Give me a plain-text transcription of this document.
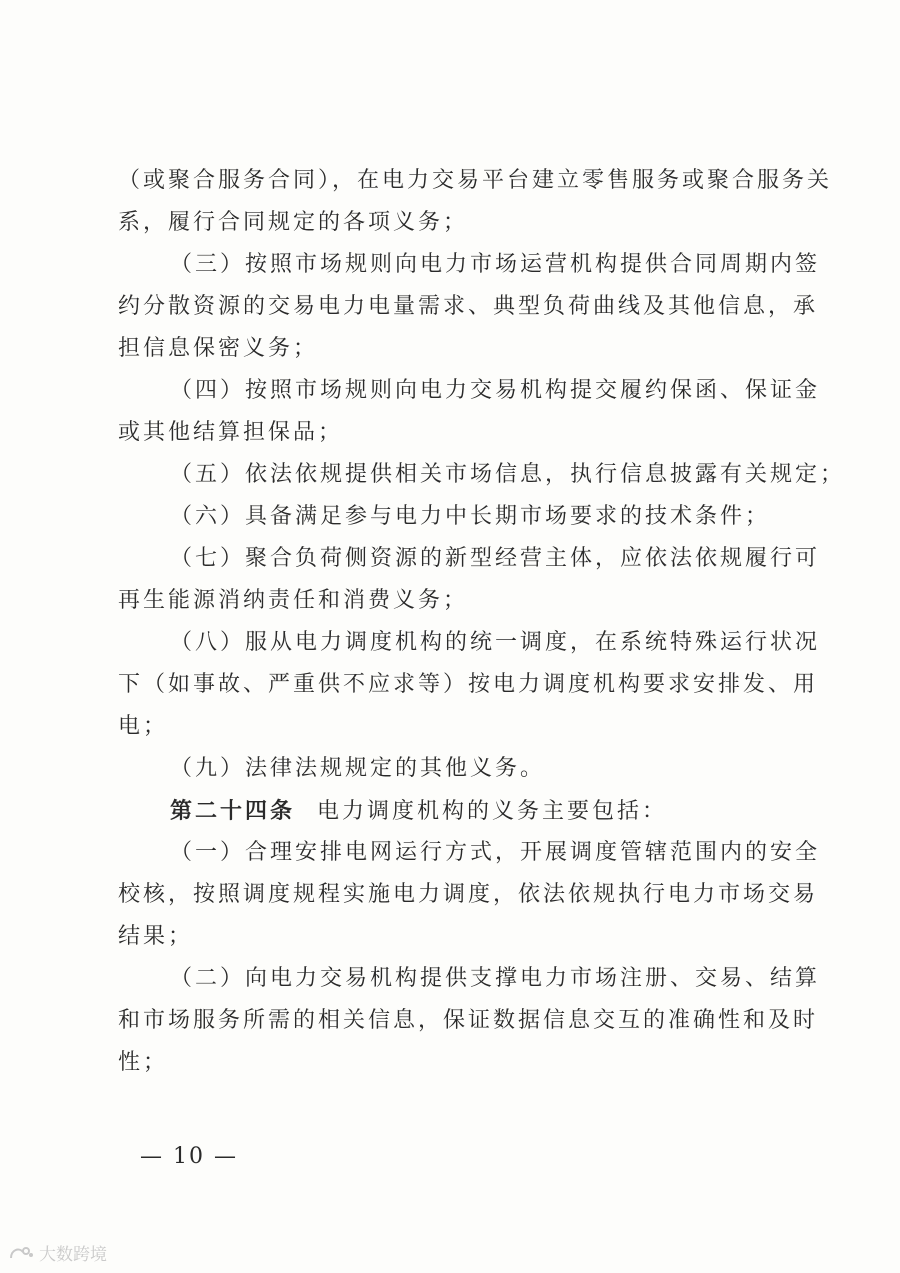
（或聚合服务合同），在电力交易平台建立零售服务或聚合服务关
系，履行合同规定的各项义务；
（三）按照市场规则向电力市场运营机构提供合同周期内签
约分散资源的交易电力电量需求、典型负荷曲线及其他信息，承
担信息保密义务；
（四）按照市场规则向电力交易机构提交履约保函、保证金
或其他结算担保品；
（五）依法依规提供相关市场信息，执行信息披露有关规定；
（六）具备满足参与电力中长期市场要求的技术条件；
（七）聚合负荷侧资源的新型经营主体，应依法依规履行可
再生能源消纳责任和消费义务；
（八）服从电力调度机构的统一调度，在系统特殊运行状况
下（如事故、严重供不应求等）按电力调度机构要求安排发、用
电；
（九）法律法规规定的其他义务。
第二十四条 电力调度机构的义务主要包括：
（一）合理安排电网运行方式，开展调度管辖范围内的安全
校核，按照调度规程实施电力调度，依法依规执行电力市场交易
结果；
（二）向电力交易机构提供支撑电力市场注册、交易、结算
和市场服务所需的相关信息，保证数据信息交互的准确性和及时
性；
— 10 —
大数跨境
